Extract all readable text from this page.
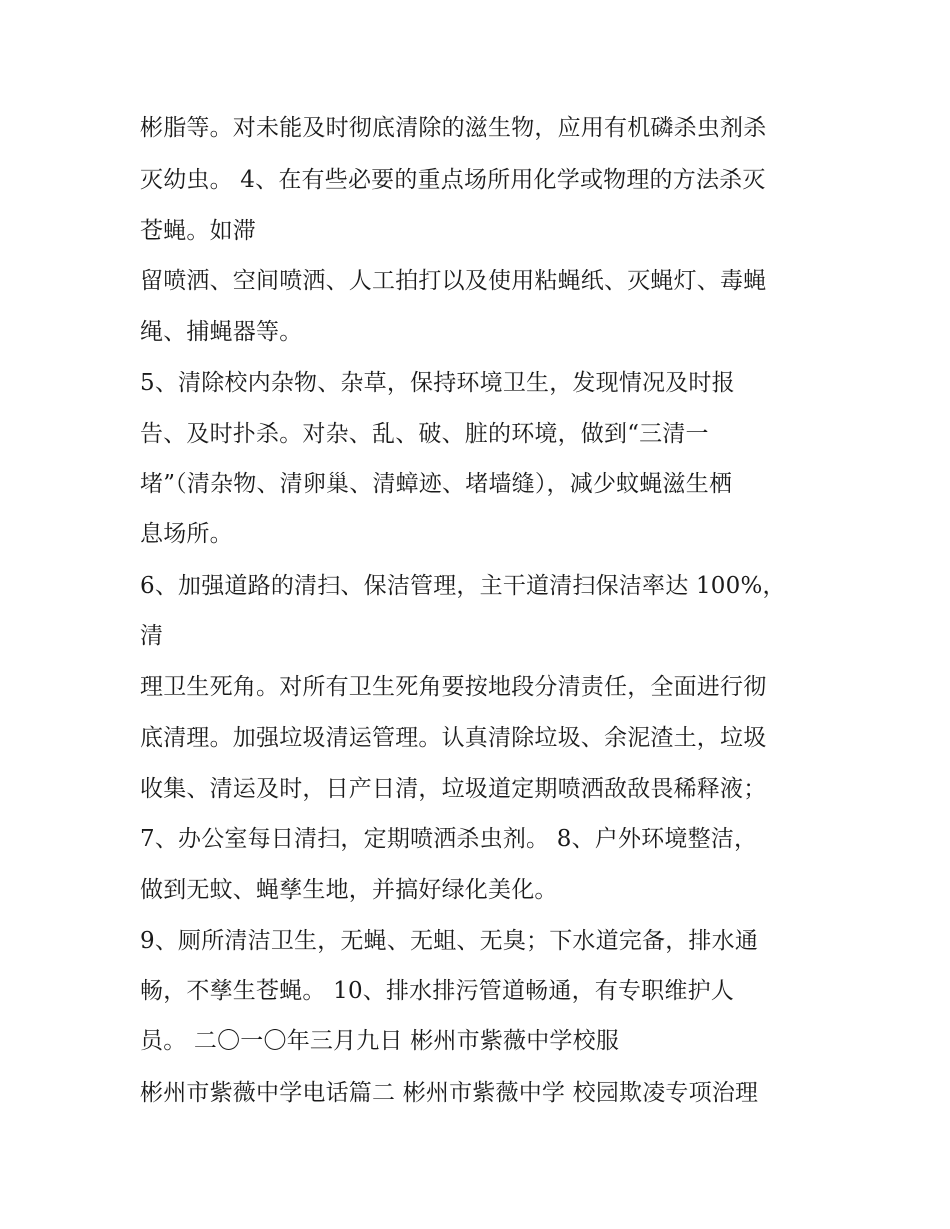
彬脂等。对未能及时彻底清除的滋生物，应用有机磷杀虫剂杀
灭幼虫。 4、在有些必要的重点场所用化学或物理的方法杀灭
苍蝇。如滞
留喷洒、空间喷洒、人工拍打以及使用粘蝇纸、灭蝇灯、毒蝇
绳、捕蝇器等。
5、清除校内杂物、杂草，保持环境卫生，发现情况及时报
告、及时扑杀。对杂、乱、破、脏的环境，做到“三清一
堵”（清杂物、清卵巢、清蟑迹、堵墙缝），减少蚊蝇滋生栖
息场所。
6、加强道路的清扫、保洁管理，主干道清扫保洁率达 100%，
清
理卫生死角。对所有卫生死角要按地段分清责任，全面进行彻
底清理。加强垃圾清运管理。认真清除垃圾、余泥渣土，垃圾
收集、清运及时，日产日清，垃圾道定期喷洒敌敌畏稀释液；
7、办公室每日清扫，定期喷洒杀虫剂。 8、户外环境整洁，
做到无蚊、蝇孳生地，并搞好绿化美化。
9、厕所清洁卫生，无蝇、无蛆、无臭；下水道完备，排水通
畅，不孳生苍蝇。 10、排水排污管道畅通，有专职维护人
员。 二〇一〇年三月九日 彬州市紫薇中学校服
彬州市紫薇中学电话篇二 彬州市紫薇中学 校园欺凌专项治理
